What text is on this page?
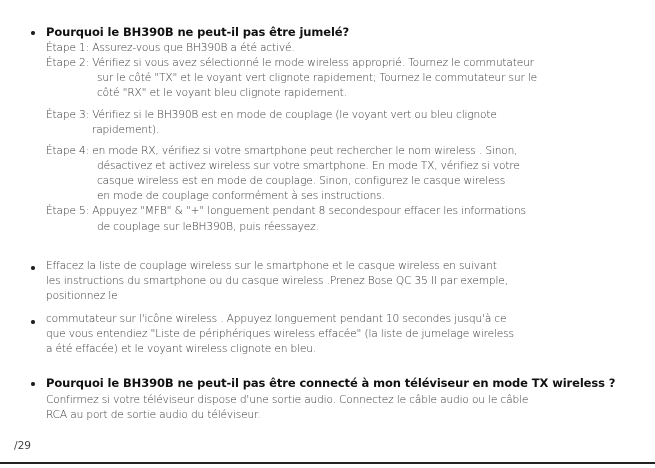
Pourquoi le BH390B ne peut-il pas être jumelé?
Étape 1: Assurez-vous que BH390B a été activé.
Étape 2: Vérifiez si vous avez sélectionné le mode wireless approprié. Tournez le commutateur
sur le côté "TX" et le voyant vert clignote rapidement; Tournez le commutateur sur le
côté "RX" et le voyant bleu clignote rapidement.
Étape 3: Vérifiez si le BH390B est en mode de couplage (le voyant vert ou bleu clignote
rapidement).
Étape 4: en mode RX, vérifiez si votre smartphone peut rechercher le nom wireless . Sinon,
désactivez et activez wireless sur votre smartphone. En mode TX, vérifiez si votre
casque wireless est en mode de couplage. Sinon, configurez le casque wireless
en mode de couplage conformément à ses instructions.
Étape 5: Appuyez "MFB" & "+" longuement pendant 8 secondespour effacer les informations
de couplage sur leBH390B, puis réessayez.
Effacez la liste de couplage wireless sur le smartphone et le casque wireless en suivant
les instructions du smartphone ou du casque wireless .Prenez Bose QC 35 II par exemple,
positionnez le
commutateur sur l'icône wireless . Appuyez longuement pendant 10 secondes jusqu'à ce
que vous entendiez "Liste de périphériques wireless effacée" (la liste de jumelage wireless
a été effacée) et le voyant wireless clignote en bleu.
Pourquoi le BH390B ne peut-il pas être connecté à mon téléviseur en mode TX wireless ?
Confirmez si votre téléviseur dispose d'une sortie audio. Connectez le câble audio ou le câble
RCA au port de sortie audio du téléviseur.
/29
